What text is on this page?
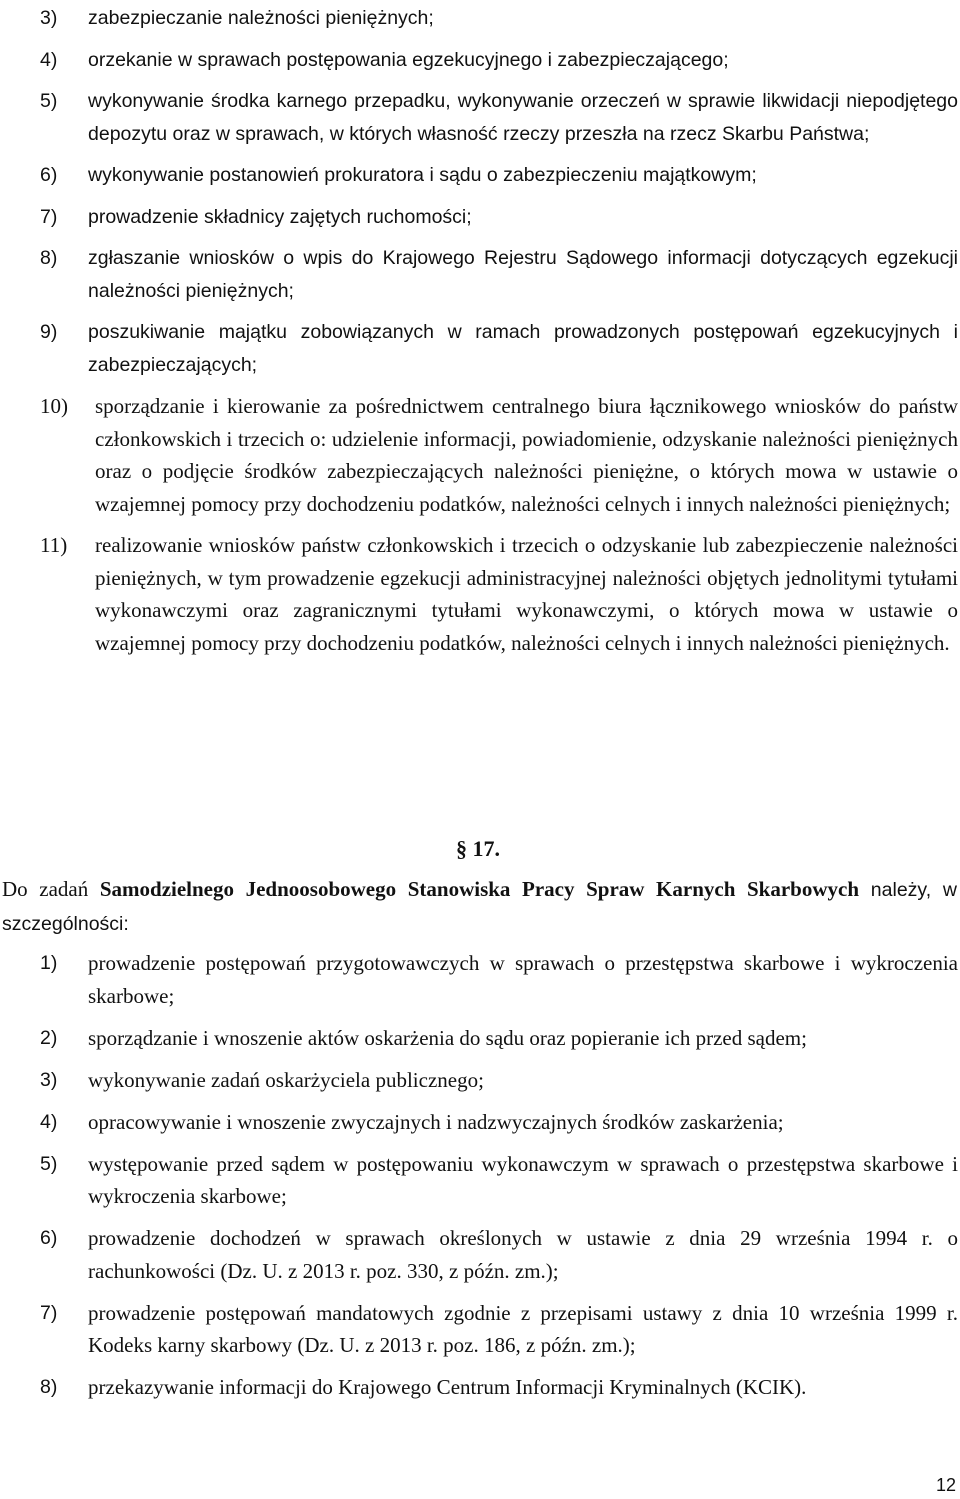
3)	zabezpieczanie należności pieniężnych;
4)	orzekanie w sprawach postępowania egzekucyjnego i zabezpieczającego;
5)	wykonywanie środka karnego przepadku, wykonywanie orzeczeń w sprawie likwidacji niepodjętego depozytu oraz w sprawach, w których własność rzeczy przeszła na rzecz Skarbu Państwa;
6)	wykonywanie postanowień prokuratora i sądu o zabezpieczeniu majątkowym;
7)	prowadzenie składnicy zajętych ruchomości;
8)	zgłaszanie wniosków o wpis do Krajowego Rejestru Sądowego informacji dotyczących egzekucji należności pieniężnych;
9)	poszukiwanie majątku zobowiązanych w ramach prowadzonych postępowań egzekucyjnych i zabezpieczających;
10)	sporządzanie i kierowanie za pośrednictwem centralnego biura łącznikowego wniosków do państw członkowskich i trzecich o: udzielenie informacji, powiadomienie, odzyskanie należności pieniężnych oraz o podjęcie środków zabezpieczających należności pieniężne, o których mowa w ustawie o wzajemnej pomocy przy dochodzeniu podatków, należności celnych i innych należności pieniężnych;
11)	realizowanie wniosków państw członkowskich i trzecich o odzyskanie lub zabezpieczenie należności pieniężnych, w tym prowadzenie egzekucji administracyjnej należności objętych jednolitymi tytułami wykonawczymi oraz zagranicznymi tytułami wykonawczymi, o których mowa w ustawie o wzajemnej pomocy przy dochodzeniu podatków, należności celnych i innych należności pieniężnych.
§ 17.
Do zadań Samodzielnego Jednoosobowego Stanowiska Pracy Spraw Karnych Skarbowych należy, w szczególności:
1)	prowadzenie postępowań przygotowawczych w sprawach o przestępstwa skarbowe i wykroczenia skarbowe;
2)	sporządzanie i wnoszenie aktów oskarżenia do sądu oraz popieranie ich przed sądem;
3)	wykonywanie zadań oskarżyciela publicznego;
4)	opracowywanie i wnoszenie zwyczajnych i nadzwyczajnych środków zaskarżenia;
5)	występowanie przed sądem w postępowaniu wykonawczym w sprawach o przestępstwa skarbowe i wykroczenia skarbowe;
6)	prowadzenie dochodzeń w sprawach określonych w ustawie z dnia 29 września 1994 r. o rachunkowości (Dz. U. z 2013 r. poz. 330, z późn. zm.);
7)	prowadzenie postępowań mandatowych zgodnie z przepisami ustawy z dnia 10 września 1999 r. Kodeks karny skarbowy (Dz. U. z 2013 r. poz. 186, z późn. zm.);
8)	przekazywanie informacji do Krajowego Centrum Informacji Kryminalnych (KCIK).
12
